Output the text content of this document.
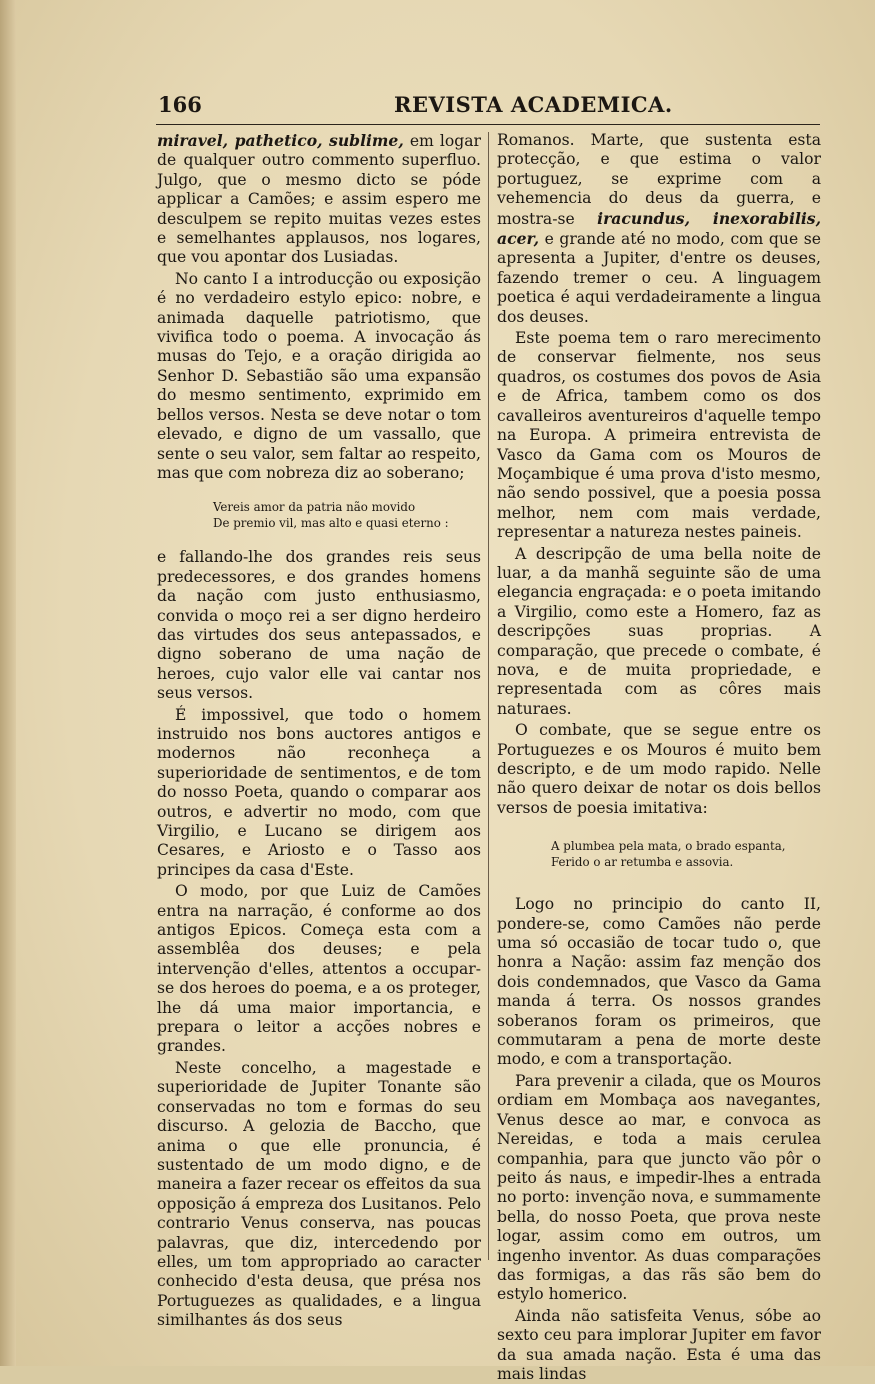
166	REVISTA ACADEMICA.

miravel, pathetico, sublime, em logar de qualquer outro commento superfluo. Julgo, que o mesmo dicto se póde applicar a Camões; e assim espero me desculpem se repito muitas vezes estes e semelhantes applausos, nos logares, que vou apontar dos Lusiadas.

No canto I a introducção ou exposição é no verdadeiro estylo epico: nobre, e animada daquelle patriotismo, que vivifica todo o poema. A invocação ás musas do Tejo, e a oração dirigida ao Senhor D. Sebastião são uma expansão do mesmo sentimento, exprimido em bellos versos. Nesta se deve notar o tom elevado, e digno de um vassallo, que sente o seu valor, sem faltar ao respeito, mas que com nobreza diz ao soberano;

Vereis amor da patria não movido
De premio vil, mas alto e quasi eterno :

e fallando-lhe dos grandes reis seus predecessores, e dos grandes homens da nação com justo enthusiasmo, convida o moço rei a ser digno herdeiro das virtudes dos seus antepassados, e digno soberano de uma nação de heroes, cujo valor elle vai cantar nos seus versos.

É impossivel, que todo o homem instruido nos bons auctores antigos e modernos não reconheça a superioridade de sentimentos, e de tom do nosso Poeta, quando o comparar aos outros, e advertir no modo, com que Virgilio, e Lucano se dirigem aos Cesares, e Ariosto e o Tasso aos principes da casa d'Este.

O modo, por que Luiz de Camões entra na narração, é conforme ao dos antigos Epicos. Começa esta com a assemblêa dos deuses; e pela intervenção d'elles, attentos a occupar-se dos heroes do poema, e a os proteger, lhe dá uma maior importancia, e prepara o leitor a acções nobres e grandes.

Neste concelho, a magestade e superioridade de Jupiter Tonante são conservadas no tom e formas do seu discurso. A gelozia de Baccho, que anima o que elle pronuncia, é sustentado de um modo digno, e de maneira a fazer recear os effeitos da sua opposição á empreza dos Lusitanos. Pelo contrario Venus conserva, nas poucas palavras, que diz, intercedendo por elles, um tom appropriado ao caracter conhecido d'esta deusa, que présa nos Portuguezes as qualidades, e a lingua similhantes ás dos seus

Romanos. Marte, que sustenta esta protecção, e que estima o valor portuguez, se exprime com a vehemencia do deus da guerra, e mostra-se iracundus, inexorabilis, acer, e grande até no modo, com que se apresenta a Jupiter, d'entre os deuses, fazendo tremer o ceu. A linguagem poetica é aqui verdadeiramente a lingua dos deuses.

Este poema tem o raro merecimento de conservar fielmente, nos seus quadros, os costumes dos povos de Asia e de Africa, tambem como os dos cavalleiros aventureiros d'aquelle tempo na Europa. A primeira entrevista de Vasco da Gama com os Mouros de Moçambique é uma prova d'isto mesmo, não sendo possivel, que a poesia possa melhor, nem com mais verdade, representar a natureza nestes paineis.

A descripção de uma bella noite de luar, a da manhã seguinte são de uma elegancia engraçada: e o poeta imitando a Virgilio, como este a Homero, faz as descripções suas proprias. A comparação, que precede o combate, é nova, e de muita propriedade, e representada com as côres mais naturaes.

O combate, que se segue entre os Portuguezes e os Mouros é muito bem descripto, e de um modo rapido. Nelle não quero deixar de notar os dois bellos versos de poesia imitativa:

A plumbea pela mata, o brado espanta,
Ferido o ar retumba e assovia.

Logo no principio do canto II, pondere-se, como Camões não perde uma só occasião de tocar tudo o, que honra a Nação: assim faz menção dos dois condemnados, que Vasco da Gama manda á terra. Os nossos grandes soberanos foram os primeiros, que commutaram a pena de morte deste modo, e com a transportação.

Para prevenir a cilada, que os Mouros ordiam em Mombaça aos navegantes, Venus desce ao mar, e convoca as Nereidas, e toda a mais cerulea companhia, para que juncto vão pôr o peito ás naus, e impedir-lhes a entrada no porto: invenção nova, e summamente bella, do nosso Poeta, que prova neste logar, assim como em outros, um ingenho inventor. As duas comparações das formigas, a das rãs são bem do estylo homerico.

Ainda não satisfeita Venus, sóbe ao sexto ceu para implorar Jupiter em favor da sua amada nação. Esta é uma das mais lindas
